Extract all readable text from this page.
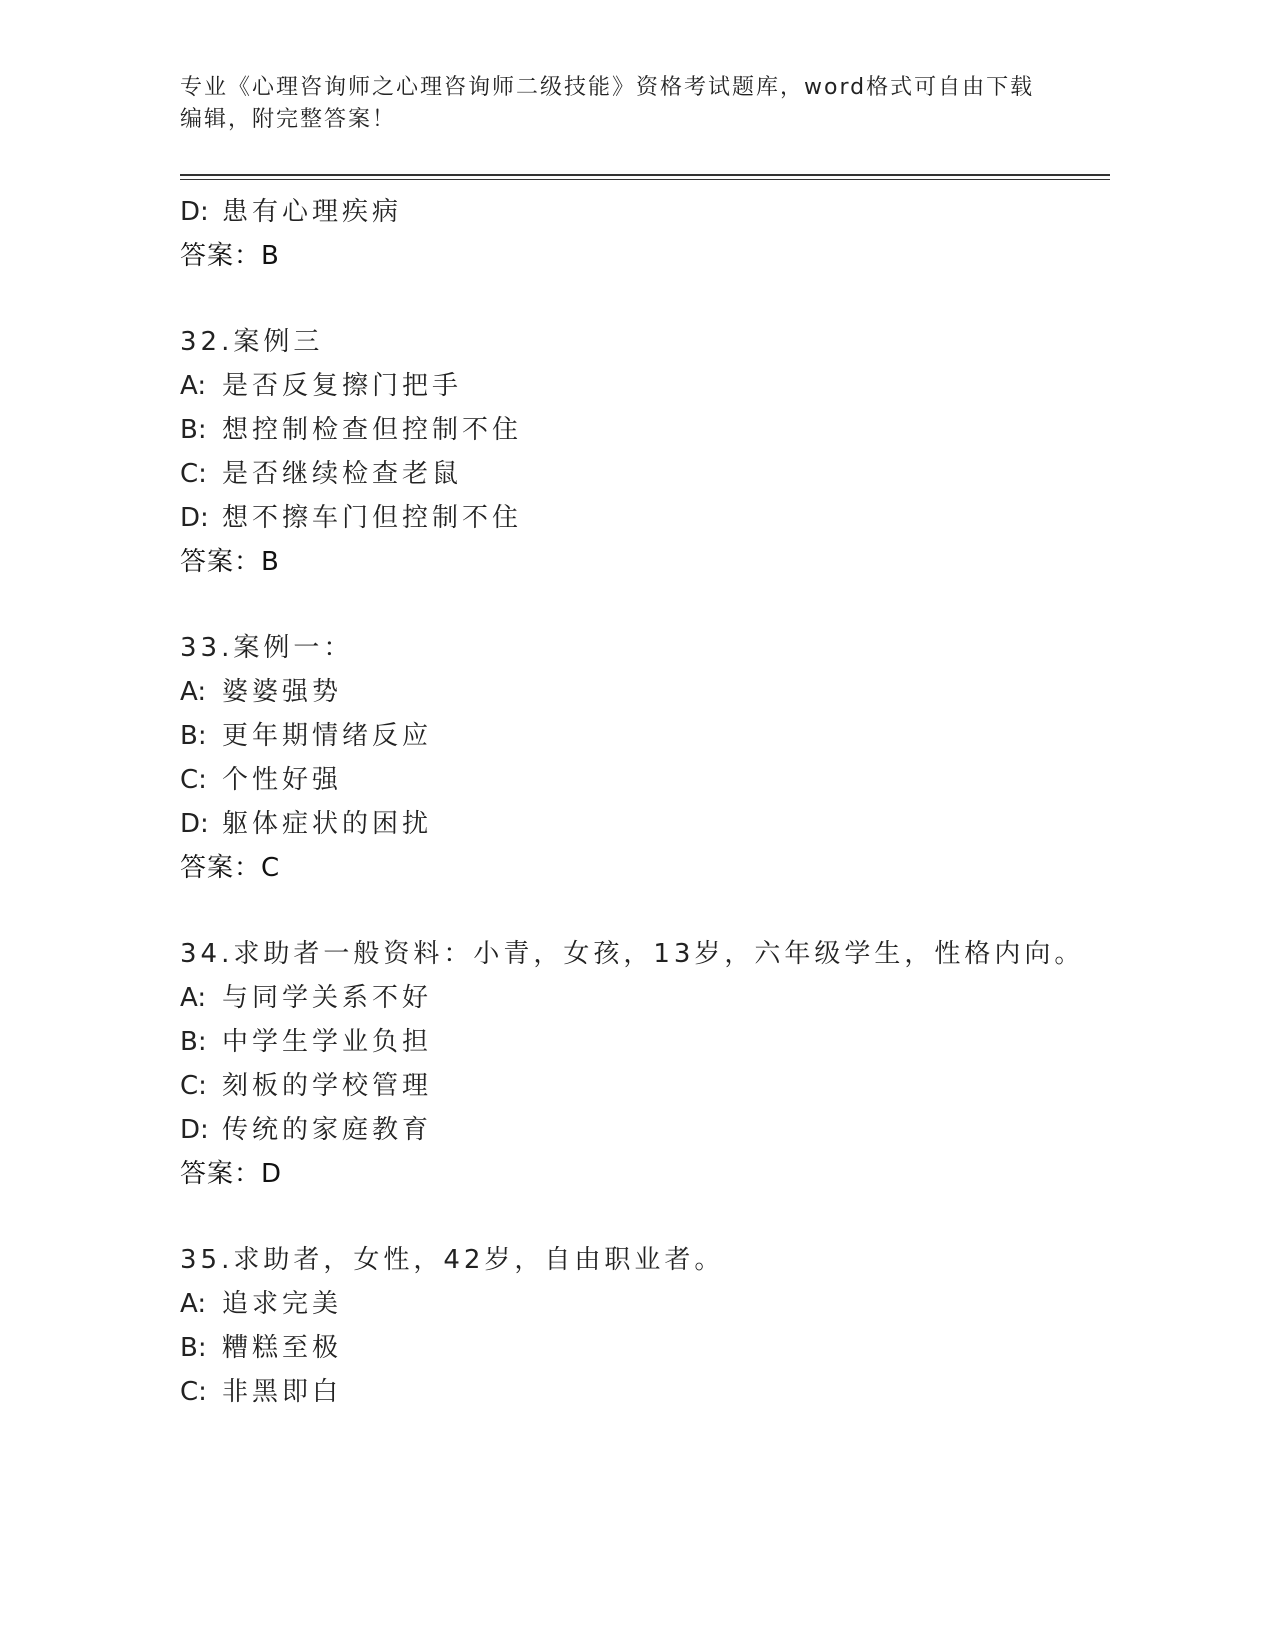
专业《心理咨询师之心理咨询师二级技能》资格考试题库，word格式可自由下载
编辑，附完整答案！
D: 患有心理疾病
答案：B
32.案例三
A: 是否反复擦门把手
B: 想控制检查但控制不住
C: 是否继续检查老鼠
D: 想不擦车门但控制不住
答案：B
33.案例一：
A: 婆婆强势
B: 更年期情绪反应
C: 个性好强
D: 躯体症状的困扰
答案：C
34.求助者一般资料：小青，女孩，13岁，六年级学生，性格内向。
A: 与同学关系不好
B: 中学生学业负担
C: 刻板的学校管理
D: 传统的家庭教育
答案：D
35.求助者，女性，42岁，自由职业者。
A: 追求完美
B: 糟糕至极
C: 非黑即白
